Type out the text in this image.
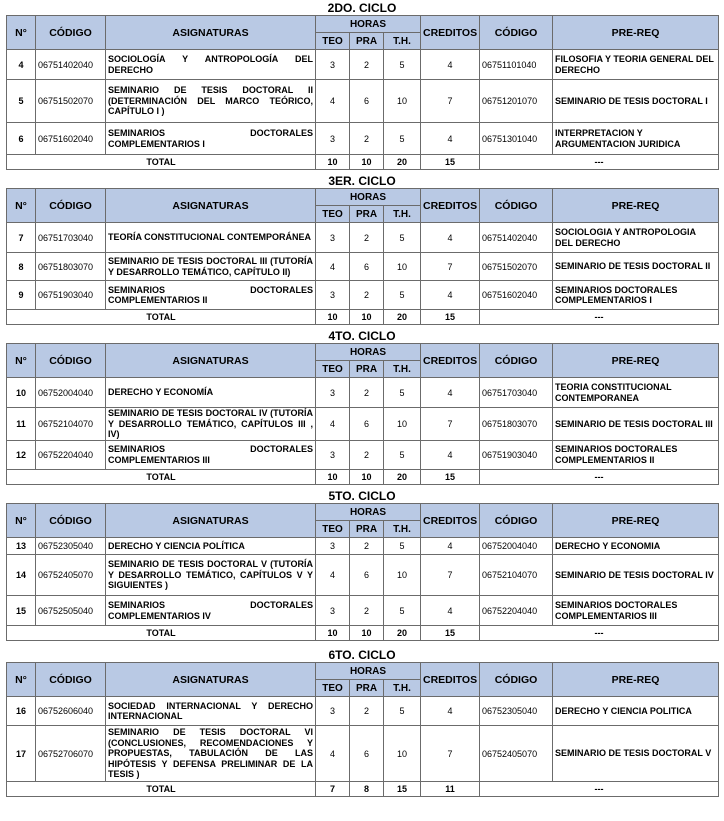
2DO. CICLO
N°	CÓDIGO	ASIGNATURAS	HORAS			CREDITOS	CÓDIGO	PRE-REQ
			TEO	PRA	T.H.			
4	06751402040	SOCIOLOGÍA Y ANTROPOLOGÍA DEL DERECHO	3	2	5	4	06751101040	FILOSOFIA Y TEORIA GENERAL DEL DERECHO
5	06751502070	SEMINARIO DE TESIS DOCTORAL II (DETERMINACIÓN DEL MARCO TEÓRICO, CAPÍTULO I )	4	6	10	7	06751201070	SEMINARIO DE TESIS DOCTORAL I
6	06751602040	SEMINARIOS DOCTORALES COMPLEMENTARIOS I	3	2	5	4	06751301040	INTERPRETACION Y ARGUMENTACION JURIDICA
TOTAL			10	10	20	15	---	
3ER. CICLO
N°	CÓDIGO	ASIGNATURAS	HORAS			CREDITOS	CÓDIGO	PRE-REQ
			TEO	PRA	T.H.			
7	06751703040	TEORÍA CONSTITUCIONAL CONTEMPORÁNEA	3	2	5	4	06751402040	SOCIOLOGIA Y ANTROPOLOGIA DEL DERECHO
8	06751803070	SEMINARIO DE TESIS DOCTORAL III (TUTORÍA Y DESARROLLO TEMÁTICO, CAPÍTULO II)	4	6	10	7	06751502070	SEMINARIO DE TESIS DOCTORAL II
9	06751903040	SEMINARIOS DOCTORALES COMPLEMENTARIOS II	3	2	5	4	06751602040	SEMINARIOS DOCTORALES COMPLEMENTARIOS I
TOTAL			10	10	20	15	---	
4TO. CICLO
N°	CÓDIGO	ASIGNATURAS	HORAS			CREDITOS	CÓDIGO	PRE-REQ
			TEO	PRA	T.H.			
10	06752004040	DERECHO Y ECONOMÍA	3	2	5	4	06751703040	TEORIA CONSTITUCIONAL CONTEMPORANEA
11	06752104070	SEMINARIO DE TESIS DOCTORAL IV (TUTORÍA Y DESARROLLO TEMÁTICO, CAPÍTULOS III , IV)	4	6	10	7	06751803070	SEMINARIO DE TESIS DOCTORAL III
12	06752204040	SEMINARIOS DOCTORALES COMPLEMENTARIOS III	3	2	5	4	06751903040	SEMINARIOS DOCTORALES COMPLEMENTARIOS II
TOTAL			10	10	20	15	---	
5TO. CICLO
N°	CÓDIGO	ASIGNATURAS	HORAS			CREDITOS	CÓDIGO	PRE-REQ
			TEO	PRA	T.H.			
13	06752305040	DERECHO Y CIENCIA POLÍTICA	3	2	5	4	06752004040	DERECHO Y ECONOMIA
14	06752405070	SEMINARIO DE TESIS DOCTORAL V (TUTORÍA Y DESARROLLO TEMÁTICO, CAPÍTULOS V Y SIGUIENTES )	4	6	10	7	06752104070	SEMINARIO DE TESIS DOCTORAL IV
15	06752505040	SEMINARIOS DOCTORALES COMPLEMENTARIOS IV	3	2	5	4	06752204040	SEMINARIOS DOCTORALES COMPLEMENTARIOS III
TOTAL			10	10	20	15	---	
6TO. CICLO
N°	CÓDIGO	ASIGNATURAS	HORAS			CREDITOS	CÓDIGO	PRE-REQ
			TEO	PRA	T.H.			
16	06752606040	SOCIEDAD INTERNACIONAL Y DERECHO INTERNACIONAL	3	2	5	4	06752305040	DERECHO Y CIENCIA POLITICA
17	06752706070	SEMINARIO DE TESIS DOCTORAL VI (CONCLUSIONES, RECOMENDACIONES Y PROPUESTAS, TABULACIÓN DE LAS HIPÓTESIS Y DEFENSA PRELIMINAR DE LA TESIS )	4	6	10	7	06752405070	SEMINARIO DE TESIS DOCTORAL V
TOTAL			7	8	15	11	---	
